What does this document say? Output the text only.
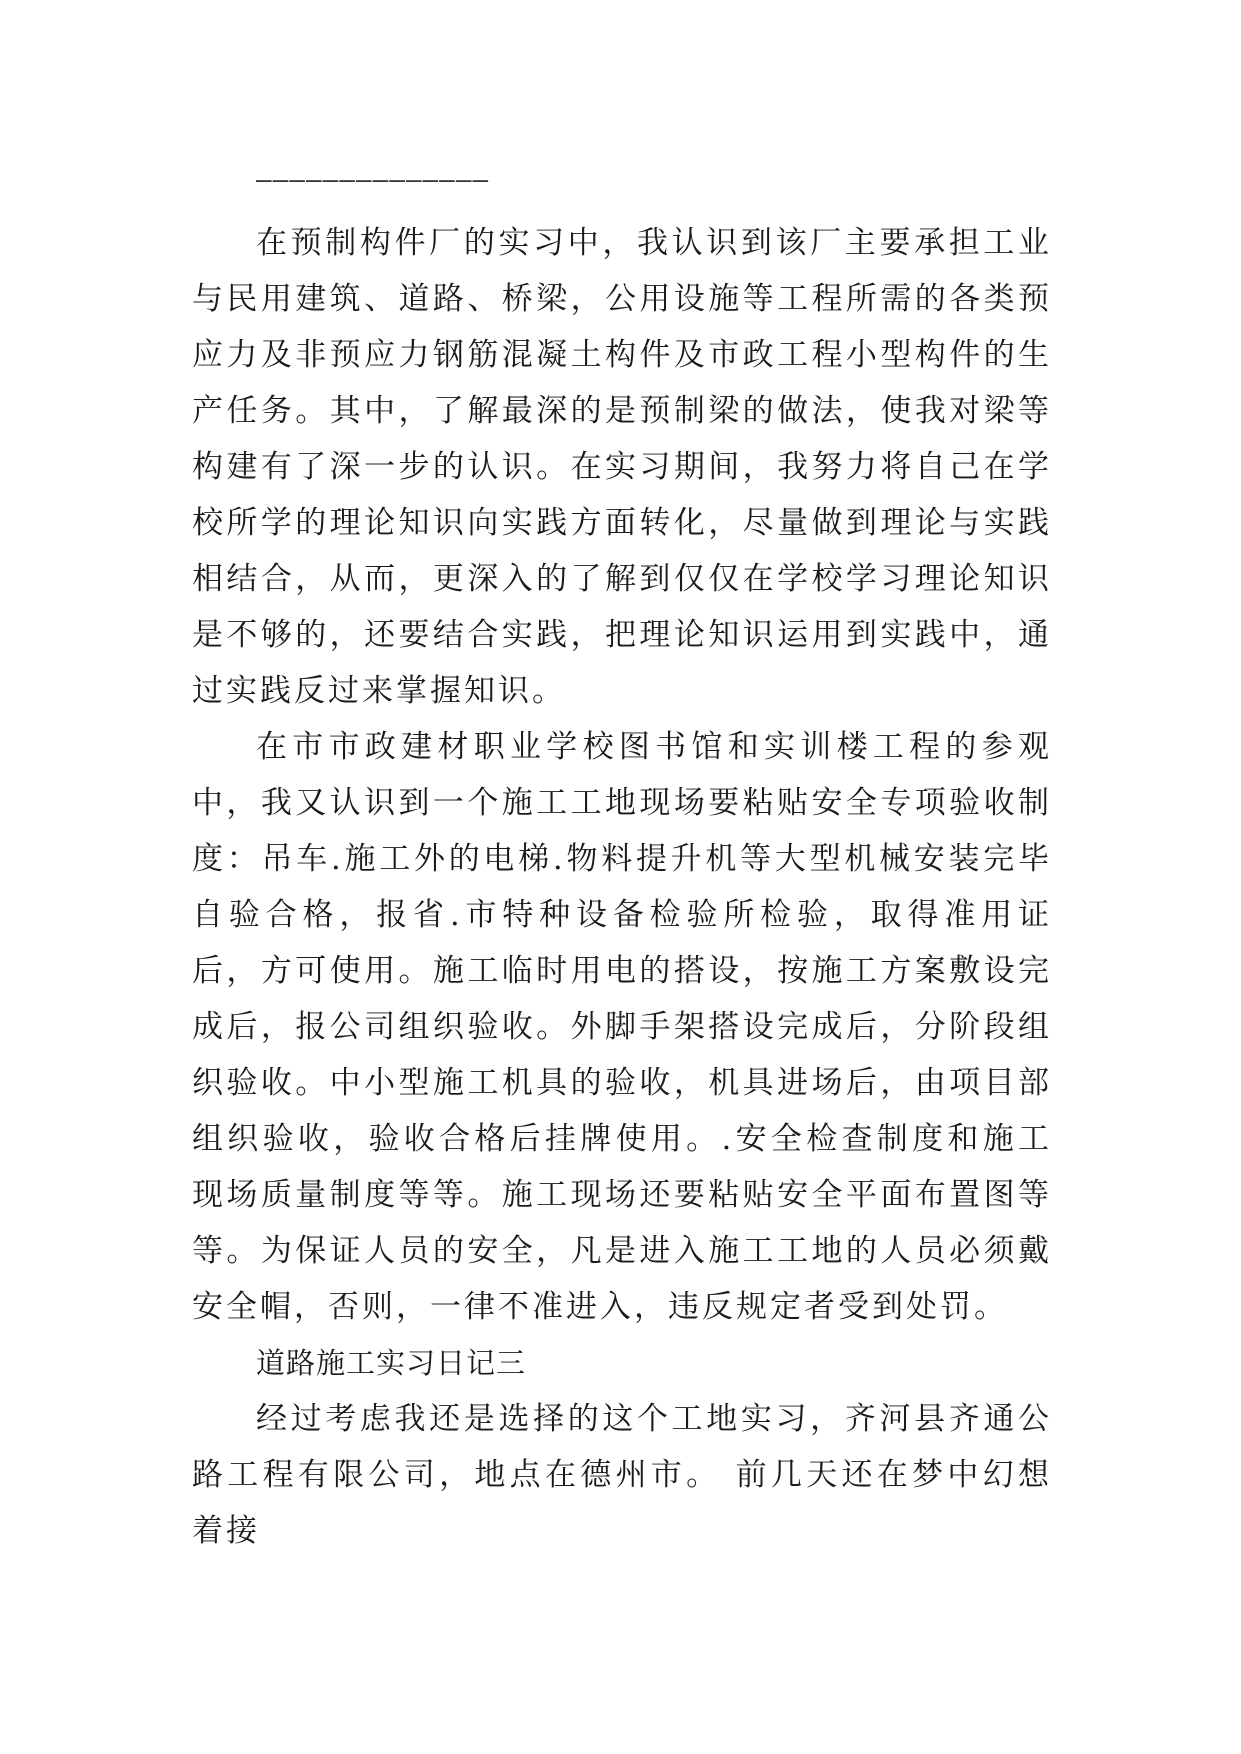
——————————————

在预制构件厂的实习中，我认识到该厂主要承担工业与民用建筑、道路、桥梁，公用设施等工程所需的各类预应力及非预应力钢筋混凝土构件及市政工程小型构件的生产任务。其中，了解最深的是预制梁的做法，使我对梁等构建有了深一步的认识。在实习期间，我努力将自己在学校所学的理论知识向实践方面转化，尽量做到理论与实践相结合，从而，更深入的了解到仅仅在学校学习理论知识是不够的，还要结合实践，把理论知识运用到实践中，通过实践反过来掌握知识。

在市市政建材职业学校图书馆和实训楼工程的参观中，我又认识到一个施工工地现场要粘贴安全专项验收制度：吊车.施工外的电梯.物料提升机等大型机械安装完毕自验合格，报省.市特种设备检验所检验，取得准用证后，方可使用。施工临时用电的搭设，按施工方案敷设完成后，报公司组织验收。外脚手架搭设完成后，分阶段组织验收。中小型施工机具的验收，机具进场后，由项目部组织验收，验收合格后挂牌使用。.安全检查制度和施工现场质量制度等等。施工现场还要粘贴安全平面布置图等等。为保证人员的安全，凡是进入施工工地的人员必须戴安全帽，否则，一律不准进入，违反规定者受到处罚。

道路施工实习日记三

经过考虑我还是选择的这个工地实习，齐河县齐通公路工程有限公司，地点在德州市。 前几天还在梦中幻想着接
